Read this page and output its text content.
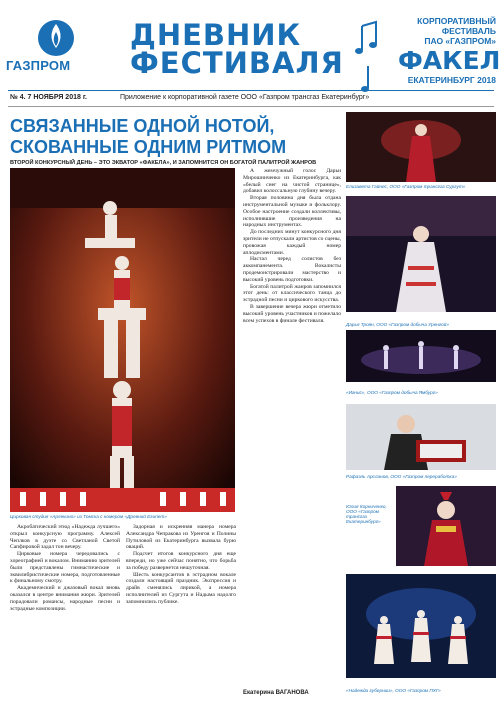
ГАЗПРОМ
ДНЕВНИК
ФЕСТИВАЛЯ
КОРПОРАТИВНЫЙ
ФЕСТИВАЛЬ
ПАО «ГАЗПРОМ»
ФАКЕЛ
ЕКАТЕРИНБУРГ 2018
№ 4. 7 НОЯБРЯ 2018 г.	Приложение к корпоративной газете ООО «Газпром трансгаз Екатеринбург»
СВЯЗАННЫЕ ОДНОЙ НОТОЙ,
СКОВАННЫЕ ОДНИМ РИТМОМ
ВТОРОЙ КОНКУРСНЫЙ ДЕНЬ – ЭТО ЭКВАТОР «ФАКЕЛА», И ЗАПОМНИТСЯ ОН БОГАТОЙ ПАЛИТРОЙ ЖАНРОВ
Цирковая студия «Арлекино» из Томска с номером «Древний Египет»

Акробатический этюд «Надежда лучшего» открыл конкурсную программу. Алексей Чеплков в дуэте со Светланой Светой Сапфировой задал тон вечеру.

Цирковые номера чередовались с хореографией и вокалом. Вниманию зрителей были представлены гимнастические и эквилибристические номера, подготовленные к финальному смотру.

Академический и джазовый вокал вновь оказался в центре внимания жюри. Зрителей порадовали романсы, народные песни и эстрадные композиции.

Задорная и искренняя манера номера Александра Чепракова из Уренгоя и Полины Путиловой из Екатеринбурга вызвала бурю оваций.

Подсчет итогов конкурсного дня еще впереди, но уже сейчас понятно, что борьба за победу развернется нешуточная.

Шесть конкурсантов в эстрадном вокале создали настоящий праздник. Экспрессия и драйв сменялись лирикой, а номера исполнителей из Сургута и Надыма надолго запомнились публике.

А жемчужный голос Дарьи Мирошниченко из Екатеринбурга, как «белый снег на чистой странице», добавил колоссальную глубину вечеру.

Вторая половина дня была отдана инструментальной музыке и фольклору. Особое настроение создали коллективы, исполнившие произведения на народных инструментах.

До последних минут конкурсного дня зрители не отпускали артистов со сцены, провожая каждый номер аплодисментами.

Настал черед солистов без аккомпанемента. Вокалисты продемонстрировали мастерство и высокий уровень подготовки.

Богатой палитрой жанров запомнился этот день: от классического танца до эстрадной песни и циркового искусства.

В завершение вечера жюри отметило высокий уровень участников и пожелало всем успехов в финале фестиваля.

Екатерина ВАГАНОВА
Елизавета Гайнес, ООО «Газпром трансгаз Сургут»
Дарья Троян, ООО «Газпром добыча Уренгой»
«Игнис», ООО «Газпром добыча Ямбург»
Рафаэль Арсланов, ООО «Газпром переработка»
Юлия Корниченко, ООО «Газпром трансгаз Екатеринбург»
«Надежда губернии», ООО «Газпром ПХГ»
